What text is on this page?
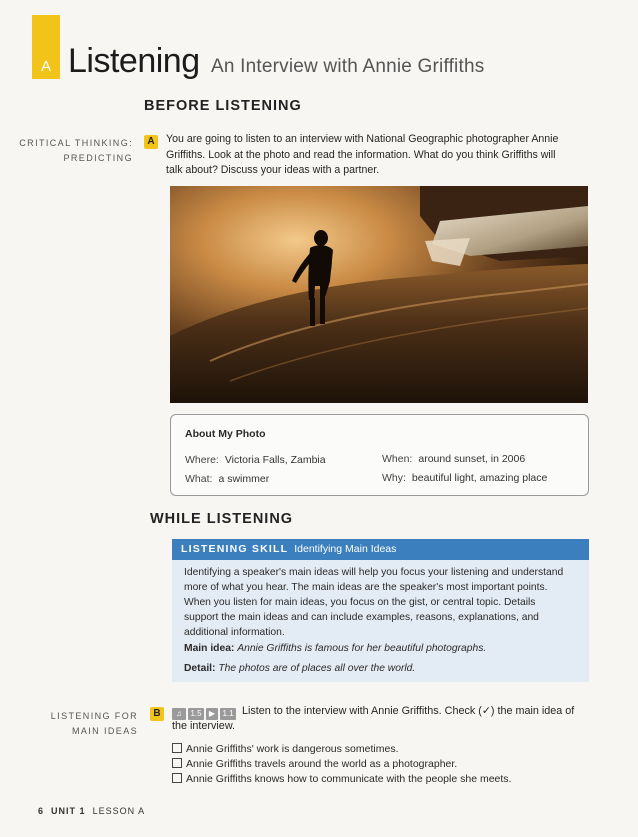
A Listening An Interview with Annie Griffiths
BEFORE LISTENING
CRITICAL THINKING:
PREDICTING
A	You are going to listen to an interview with National Geographic photographer Annie
Griffiths. Look at the photo and read the information. What do you think Griffiths will
talk about? Discuss your ideas with a partner.
About My Photo
Where: Victoria Falls, Zambia
What: a swimmer
When: around sunset, in 2006
Why: beautiful light, amazing place
WHILE LISTENING
LISTENING SKILL Identifying Main Ideas
Identifying a speaker's main ideas will help you focus your listening and understand
more of what you hear. The main ideas are the speaker's most important points.
When you listen for main ideas, you focus on the gist, or central topic. Details
support the main ideas and can include examples, reasons, explanations, and
additional information.
Main idea: Annie Griffiths is famous for her beautiful photographs.
Detail: The photos are of places all over the world.
LISTENING FOR
MAIN IDEAS
B	♫	1.5 ▶ 1.1 Listen to the interview with Annie Griffiths. Check (✓) the main idea of
the interview.
Annie Griffiths' work is dangerous sometimes.
Annie Griffiths travels around the world as a photographer.
Annie Griffiths knows how to communicate with the people she meets.
6 UNIT 1 LESSON A
